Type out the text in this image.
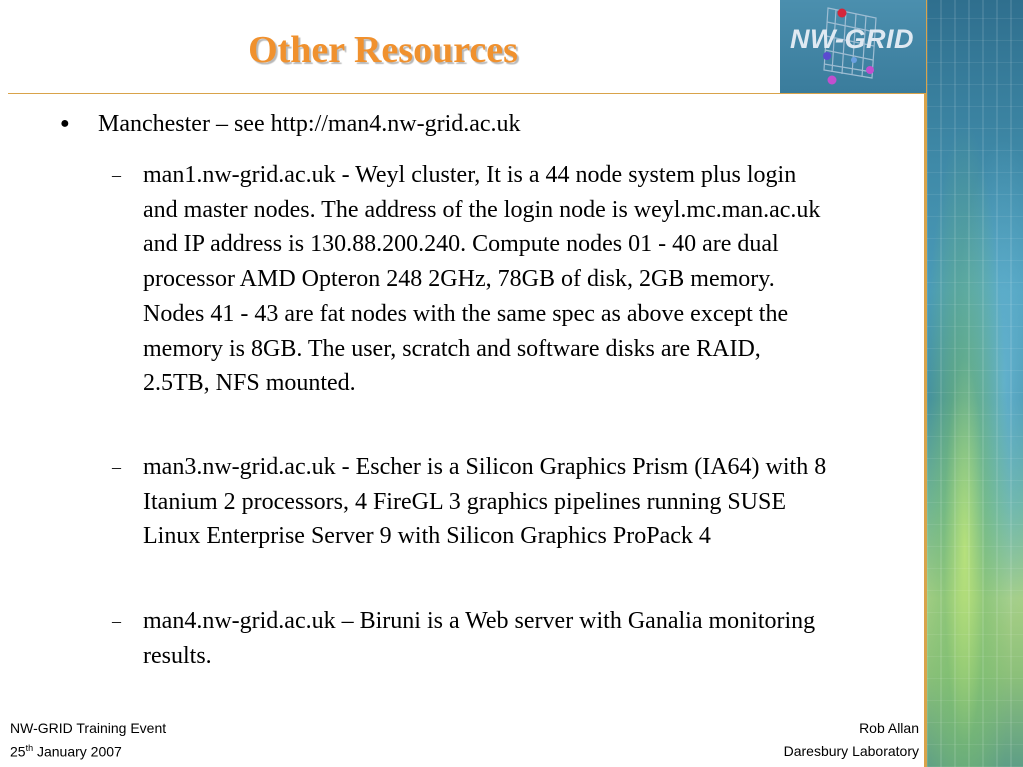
NW-GRID
Other Resources
● Manchester – see http://man4.nw-grid.ac.uk
– man1.nw-grid.ac.uk - Weyl cluster, It is a 44 node system plus login and master nodes. The address of the login node is weyl.mc.man.ac.uk and IP address is 130.88.200.240. Compute nodes 01 - 40 are dual processor AMD Opteron 248 2GHz, 78GB of disk, 2GB memory. Nodes 41 - 43 are fat nodes with the same spec as above except the memory is 8GB. The user, scratch and software disks are RAID, 2.5TB, NFS mounted.
– man3.nw-grid.ac.uk - Escher is a Silicon Graphics Prism (IA64) with 8 Itanium 2 processors, 4 FireGL 3 graphics pipelines running SUSE Linux Enterprise Server 9 with Silicon Graphics ProPack 4
– man4.nw-grid.ac.uk – Biruni is a Web server with Ganalia monitoring results.
NW-GRID Training Event
25th January 2007
Rob Allan
Daresbury Laboratory
